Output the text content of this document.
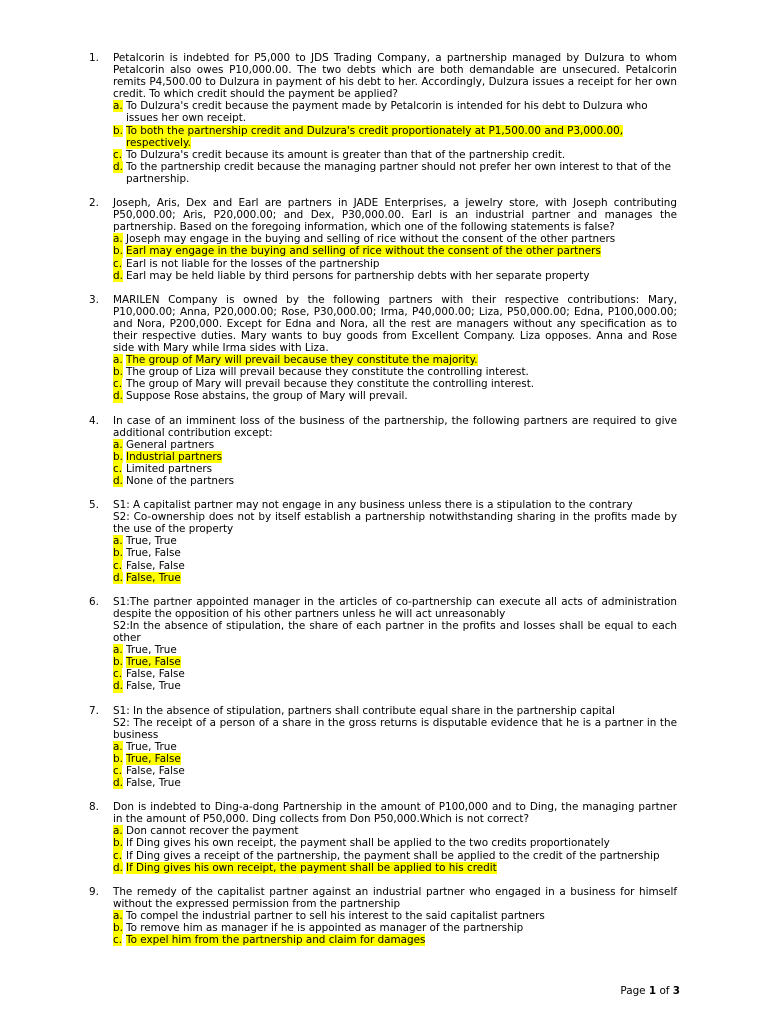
1. Petalcorin is indebted for P5,000 to JDS Trading Company, a partnership managed by Dulzura to whom Petalcorin also owes P10,000.00. The two debts which are both demandable are unsecured. Petalcorin remits P4,500.00 to Dulzura in payment of his debt to her. Accordingly, Dulzura issues a receipt for her own credit. To which credit should the payment be applied?
a. To Dulzura's credit because the payment made by Petalcorin is intended for his debt to Dulzura who issues her own receipt.
b. To both the partnership credit and Dulzura's credit proportionately at P1,500.00 and P3,000.00, respectively.
c. To Dulzura's credit because its amount is greater than that of the partnership credit.
d. To the partnership credit because the managing partner should not prefer her own interest to that of the partnership.
2. Joseph, Aris, Dex and Earl are partners in JADE Enterprises, a jewelry store, with Joseph contributing P50,000.00; Aris, P20,000.00; and Dex, P30,000.00. Earl is an industrial partner and manages the partnership. Based on the foregoing information, which one of the following statements is false?
a. Joseph may engage in the buying and selling of rice without the consent of the other partners
b. Earl may engage in the buying and selling of rice without the consent of the other partners
c. Earl is not liable for the losses of the partnership
d. Earl may be held liable by third persons for partnership debts with her separate property
3. MARILEN Company is owned by the following partners with their respective contributions: Mary, P10,000.00; Anna, P20,000.00; Rose, P30,000.00; Irma, P40,000.00; Liza, P50,000.00; Edna, P100,000.00; and Nora, P200,000. Except for Edna and Nora, all the rest are managers without any specification as to their respective duties. Mary wants to buy goods from Excellent Company. Liza opposes. Anna and Rose side with Mary while Irma sides with Liza.
a. The group of Mary will prevail because they constitute the majority.
b. The group of Liza will prevail because they constitute the controlling interest.
c. The group of Mary will prevail because they constitute the controlling interest.
d. Suppose Rose abstains, the group of Mary will prevail.
4. In case of an imminent loss of the business of the partnership, the following partners are required to give additional contribution except:
a. General partners
b. Industrial partners
c. Limited partners
d. None of the partners
5. S1: A capitalist partner may not engage in any business unless there is a stipulation to the contrary
S2: Co-ownership does not by itself establish a partnership notwithstanding sharing in the profits made by the use of the property
a. True, True
b. True, False
c. False, False
d. False, True
6. S1:The partner appointed manager in the articles of co-partnership can execute all acts of administration despite the opposition of his other partners unless he will act unreasonably
S2:In the absence of stipulation, the share of each partner in the profits and losses shall be equal to each other
a. True, True
b. True, False
c. False, False
d. False, True
7. S1: In the absence of stipulation, partners shall contribute equal share in the partnership capital
S2: The receipt of a person of a share in the gross returns is disputable evidence that he is a partner in the business
a. True, True
b. True, False
c. False, False
d. False, True
8. Don is indebted to Ding-a-dong Partnership in the amount of P100,000 and to Ding, the managing partner in the amount of P50,000. Ding collects from Don P50,000.Which is not correct?
a. Don cannot recover the payment
b. If Ding gives his own receipt, the payment shall be applied to the two credits proportionately
c. If Ding gives a receipt of the partnership, the payment shall be applied to the credit of the partnership
d. If Ding gives his own receipt, the payment shall be applied to his credit
9. The remedy of the capitalist partner against an industrial partner who engaged in a business for himself without the expressed permission from the partnership
a. To compel the industrial partner to sell his interest to the said capitalist partners
b. To remove him as manager if he is appointed as manager of the partnership
c. To expel him from the partnership and claim for damages
Page 1 of 3
